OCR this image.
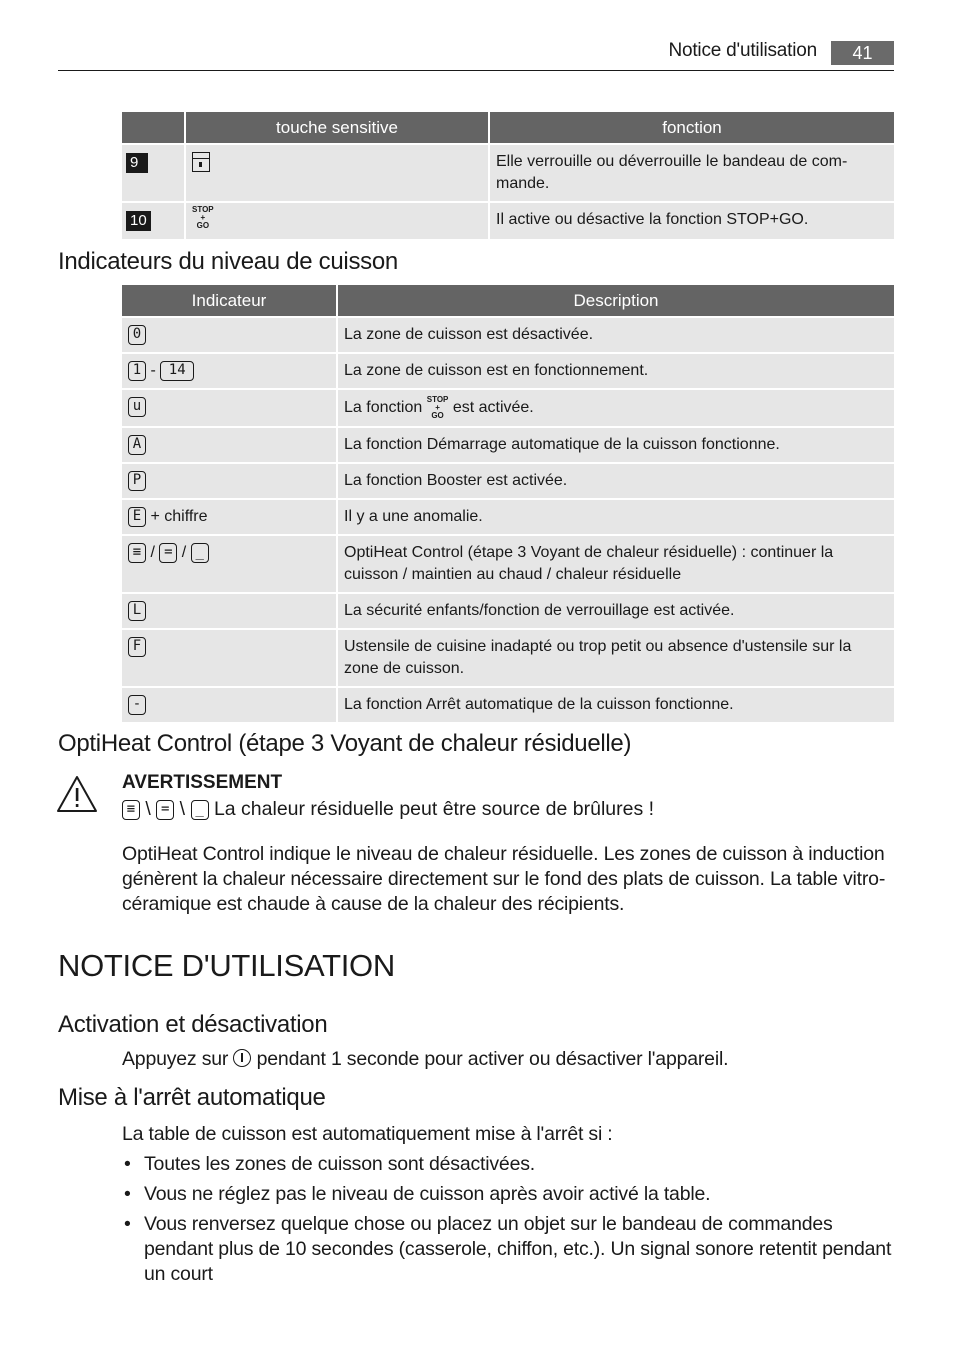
Notice d'utilisation	41
	touche sensitive	fonction
9		Elle verrouille ou déverrouille le bandeau de com-
mande.
10	STOP
+
GO	Il active ou désactive la fonction STOP+GO.
Indicateurs du niveau de cuisson
Indicateur	Description
0	La zone de cuisson est désactivée.
1 - 14	La zone de cuisson est en fonctionnement.
u	La fonction STOP
+
GO est activée.
A	La fonction Démarrage automatique de la cuisson fonctionne.
P	La fonction Booster est activée.
E + chiffre	Il y a une anomalie.
≡ / = / _	OptiHeat Control (étape 3 Voyant de chaleur résiduelle) : continuer la cuisson / maintien au chaud / chaleur résiduelle
L	La sécurité enfants/fonction de verrouillage est activée.
F	Ustensile de cuisine inadapté ou trop petit ou absence d'ustensile sur la zone de cuisson.
-	La fonction Arrêt automatique de la cuisson fonctionne.
OptiHeat Control (étape 3 Voyant de chaleur résiduelle)
AVERTISSEMENT
≡ \ = \ _ La chaleur résiduelle peut être source de brûlures !

OptiHeat Control indique le niveau de chaleur résiduelle. Les zones de cuisson à induction génèrent la chaleur nécessaire directement sur le fond des plats de cuisson. La table vitro-céramique est chaude à cause de la chaleur des récipients.

NOTICE D'UTILISATION
Activation et désactivation
Appuyez sur  pendant 1 seconde pour activer ou désactiver l'appareil.
Mise à l'arrêt automatique
La table de cuisson est automatiquement mise à l'arrêt si :
• Toutes les zones de cuisson sont désactivées.
• Vous ne réglez pas le niveau de cuisson après avoir activé la table.
• Vous renversez quelque chose ou placez un objet sur le bandeau de commandes pendant plus de 10 secondes (casserole, chiffon, etc.). Un signal sonore retentit pendant un court
